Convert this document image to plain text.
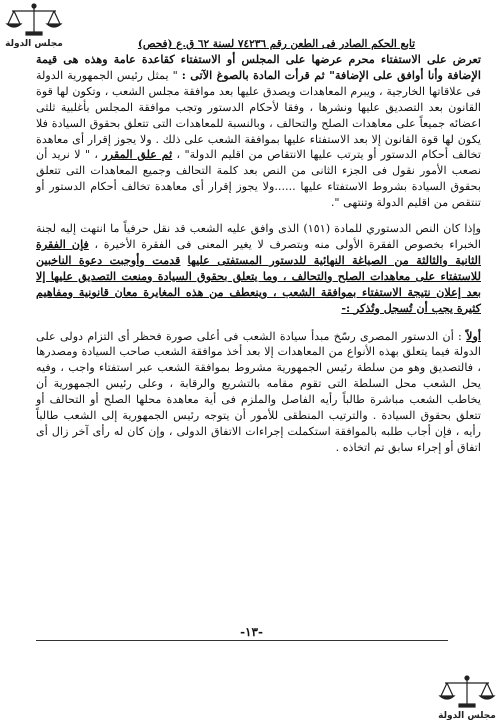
مجلس الدولة	تابع الحكم الصادر فى الطعن رقم ٧٤٢٣٦ لسنة ٦٢ ق.ع (فحص)

تعرض على الاستفتاء محرم عرضها على المجلس أو الاستفتاء كقاعدة عامة وهذه هى قيمة الإضافة وأنا أوافق على الإضافة" ثم قرأت المادة بالصوغ الآتى : " يمثل رئيس الجمهورية الدولة فى علاقاتها الخارجية ، ويبرم المعاهدات ويصدق عليها بعد موافقة مجلس الشعب ، وتكون لها قوة القانون بعد التصديق عليها ونشرها ، وفقا لأحكام الدستور وتجب موافقة المجلس بأغلبية ثلثى اعضائه جميعاً على معاهدات الصلح والتحالف ، وبالنسبة للمعاهدات التى تتعلق بحقوق السيادة فلا يكون لها قوة القانون إلا بعد الاستفتاء عليها بموافقة الشعب على ذلك . ولا يجوز إقرار أى معاهدة تخالف أحكام الدستور أو يترتب عليها الانتقاص من اقليم الدولة" ، ثم علق المقرر ، " لا نريد أن نصعب الأمور نقول فى الجزء الثانى من النص بعد كلمة التحالف وجميع المعاهدات التى تتعلق بحقوق السيادة بشروط الاستفتاء عليها ......ولا يجوز إقرار أى معاهدة تخالف أحكام الدستور أو تنتقص من اقليم الدولة وتنتهى ".

وإذا كان النص الدستوري للمادة (١٥١) الذى وافق عليه الشعب قد نقل حرفياً ما انتهت إليه لجنة الخبراء بخصوص الفقرة الأولى منه وبتصرف لا يغير المعنى فى الفقرة الأخيرة ، فإن الفقرة الثانية والثالثة من الصياغة النهائية للدستور المستفتى عليها قدمت وأوجبت دعوة الناخبين للاستفتاء على معاهدات الصلح والتحالف ، وما يتعلق بحقوق السيادة ومنعت التصديق عليها إلا بعد إعلان نتيجة الاستفتاء بموافقة الشعب ، وينعطف من هذه المغايرة معان قانونية ومفاهيم كثيرة يجب أن تُسجل وتُذكر :-

أولاً : أن الدستور المصرى رسّخ مبدأ سيادة الشعب فى أعلى صورة فحظر أى التزام دولى على الدولة فيما يتعلق بهذه الأنواع من المعاهدات إلا بعد أخذ موافقة الشعب صاحب السيادة ومصدرها ، فالتصديق وهو من سلطة رئيس الجمهورية مشروط بموافقة الشعب عبر استفتاء واجب ، وفيه يحل الشعب محل السلطة التى تقوم مقامه بالتشريع والرقابة ، وعلى رئيس الجمهورية أن يخاطب الشعب مباشرة طالباً رأيه الفاصل والملزم فى أية معاهدة محلها الصلح أو التحالف أو تتعلق بحقوق السيادة . والترتيب المنطقى للأمور أن يتوجه رئيس الجمهورية إلى الشعب طالباً رأيه ، فإن أجاب طلبه بالموافقة استكملت إجراءات الاتفاق الدولى ، وإن كان له رأى آخر زال أى اتفاق أو إجراء سابق تم اتخاذه .

-١٣-
مجلس الدولة
